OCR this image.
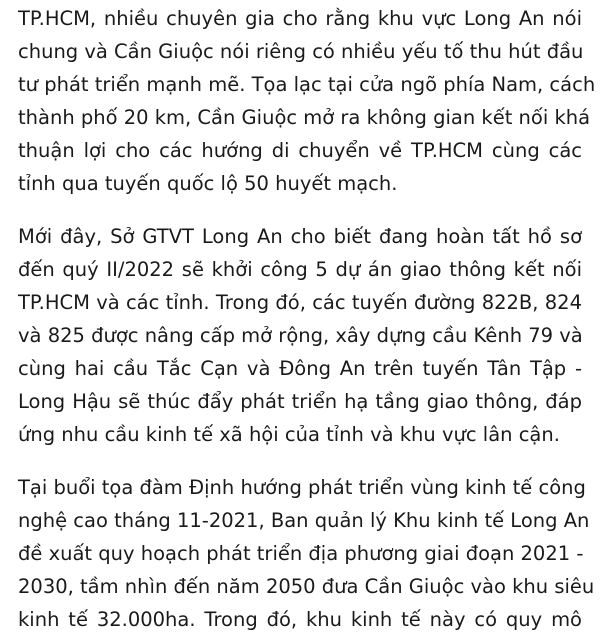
TP.HCM, nhiều chuyên gia cho rằng khu vực Long An nói
chung và Cần Giuộc nói riêng có nhiều yếu tố thu hút đầu
tư phát triển mạnh mẽ. Tọa lạc tại cửa ngõ phía Nam, cách
thành phố 20 km, Cần Giuộc mở ra không gian kết nối khá
thuận lợi cho các hướng di chuyển về TP.HCM cùng các
tỉnh qua tuyến quốc lộ 50 huyết mạch.

Mới đây, Sở GTVT Long An cho biết đang hoàn tất hồ sơ
đến quý II/2022 sẽ khởi công 5 dự án giao thông kết nối
TP.HCM và các tỉnh. Trong đó, các tuyến đường 822B, 824
và 825 được nâng cấp mở rộng, xây dựng cầu Kênh 79 và
cùng hai cầu Tắc Cạn và Đông An trên tuyến Tân Tập -
Long Hậu sẽ thúc đẩy phát triển hạ tầng giao thông, đáp
ứng nhu cầu kinh tế xã hội của tỉnh và khu vực lân cận.

Tại buổi tọa đàm Định hướng phát triển vùng kinh tế công
nghệ cao tháng 11-2021, Ban quản lý Khu kinh tế Long An
đề xuất quy hoạch phát triển địa phương giai đoạn 2021 -
2030, tầm nhìn đến năm 2050 đưa Cần Giuộc vào khu siêu
kinh tế 32.000ha. Trong đó, khu kinh tế này có quy mô
